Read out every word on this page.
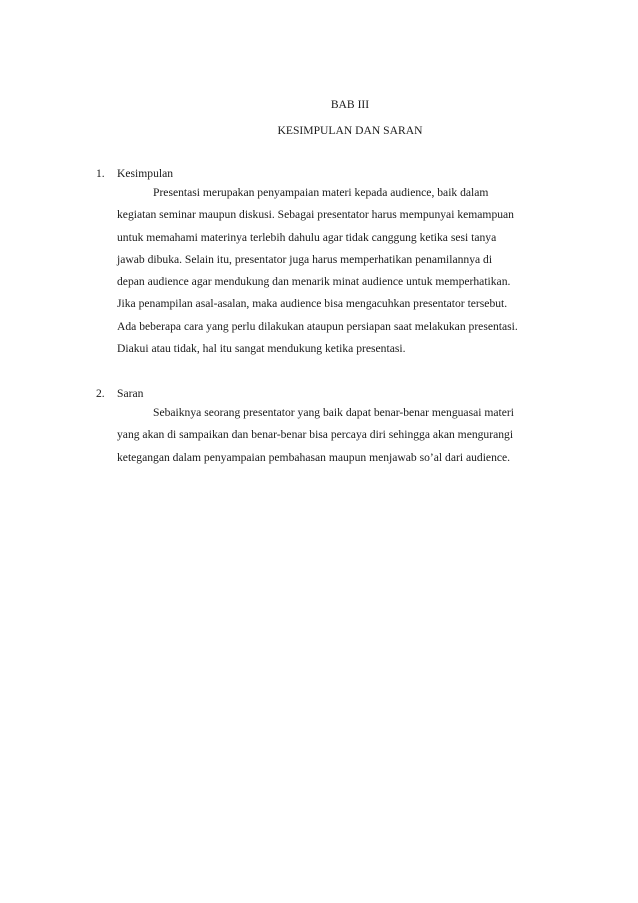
BAB III
KESIMPULAN DAN SARAN
1.	Kesimpulan
Presentasi merupakan penyampaian materi kepada audience, baik dalam
kegiatan seminar maupun diskusi. Sebagai presentator harus mempunyai kemampuan
untuk memahami materinya terlebih dahulu agar tidak canggung ketika sesi tanya
jawab dibuka. Selain itu, presentator juga harus memperhatikan penamilannya di
depan audience agar mendukung dan menarik minat audience untuk memperhatikan.
Jika penampilan asal-asalan, maka audience bisa mengacuhkan presentator tersebut.
Ada beberapa cara yang perlu dilakukan ataupun persiapan saat melakukan presentasi.
Diakui atau tidak, hal itu sangat mendukung ketika presentasi.
2.	Saran
Sebaiknya seorang presentator yang baik dapat benar-benar menguasai materi
yang akan di sampaikan dan benar-benar bisa percaya diri sehingga akan mengurangi
ketegangan dalam penyampaian pembahasan maupun menjawab so’al dari audience.
